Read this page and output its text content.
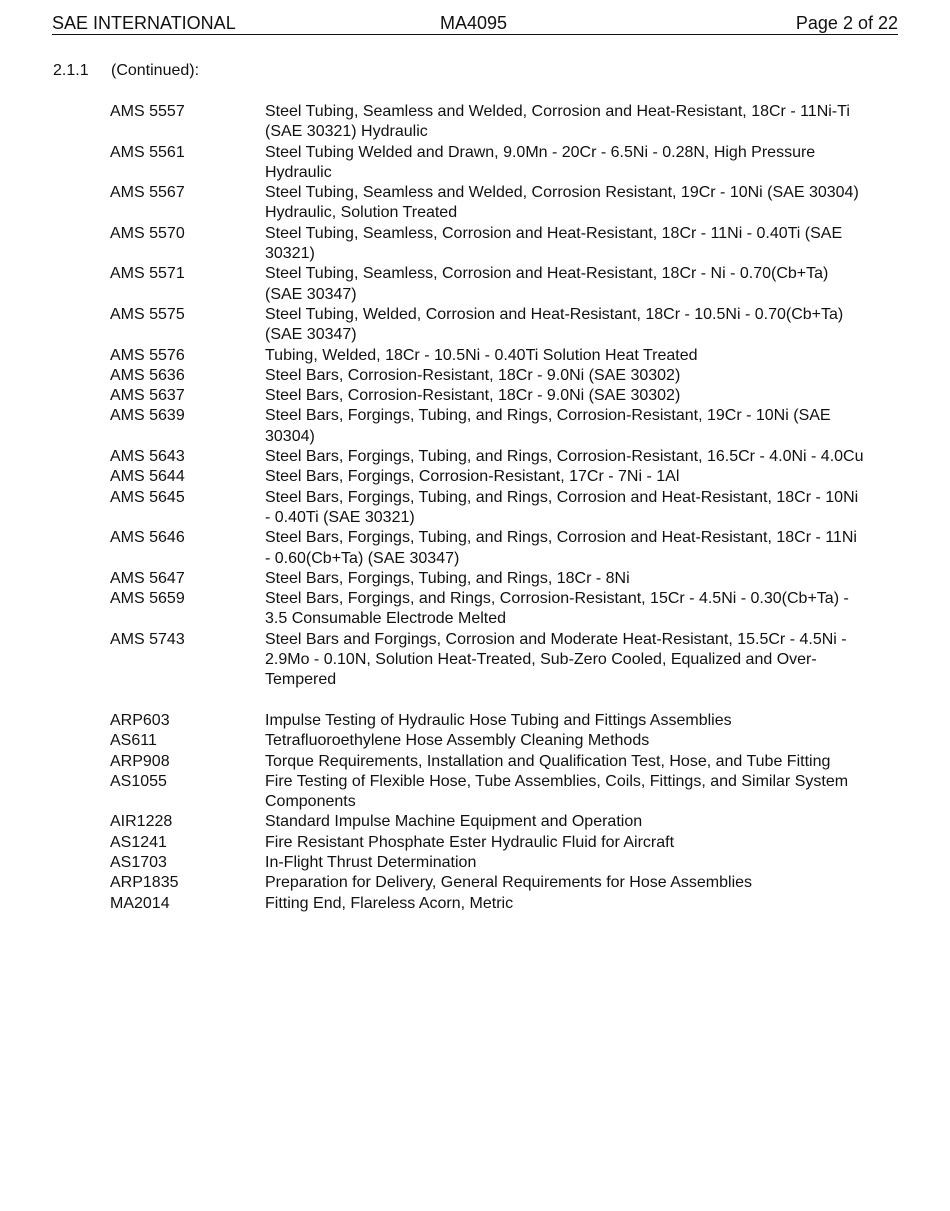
SAE INTERNATIONAL	MA4095	Page 2 of 22
2.1.1 (Continued):
AMS 5557	Steel Tubing, Seamless and Welded, Corrosion and Heat-Resistant, 18Cr - 11Ni-Ti (SAE 30321) Hydraulic
AMS 5561	Steel Tubing Welded and Drawn, 9.0Mn - 20Cr - 6.5Ni - 0.28N, High Pressure Hydraulic
AMS 5567	Steel Tubing, Seamless and Welded, Corrosion Resistant, 19Cr - 10Ni (SAE 30304) Hydraulic, Solution Treated
AMS 5570	Steel Tubing, Seamless, Corrosion and Heat-Resistant, 18Cr - 11Ni - 0.40Ti (SAE 30321)
AMS 5571	Steel Tubing, Seamless, Corrosion and Heat-Resistant, 18Cr - Ni - 0.70(Cb+Ta) (SAE 30347)
AMS 5575	Steel Tubing, Welded, Corrosion and Heat-Resistant, 18Cr - 10.5Ni - 0.70(Cb+Ta) (SAE 30347)
AMS 5576	Tubing, Welded, 18Cr - 10.5Ni - 0.40Ti Solution Heat Treated
AMS 5636	Steel Bars, Corrosion-Resistant, 18Cr - 9.0Ni (SAE 30302)
AMS 5637	Steel Bars, Corrosion-Resistant, 18Cr - 9.0Ni (SAE 30302)
AMS 5639	Steel Bars, Forgings, Tubing, and Rings, Corrosion-Resistant, 19Cr - 10Ni (SAE 30304)
AMS 5643	Steel Bars, Forgings, Tubing, and Rings, Corrosion-Resistant, 16.5Cr - 4.0Ni - 4.0Cu
AMS 5644	Steel Bars, Forgings, Corrosion-Resistant, 17Cr - 7Ni - 1Al
AMS 5645	Steel Bars, Forgings, Tubing, and Rings, Corrosion and Heat-Resistant, 18Cr - 10Ni - 0.40Ti (SAE 30321)
AMS 5646	Steel Bars, Forgings, Tubing, and Rings, Corrosion and Heat-Resistant, 18Cr - 11Ni - 0.60(Cb+Ta) (SAE 30347)
AMS 5647	Steel Bars, Forgings, Tubing, and Rings, 18Cr - 8Ni
AMS 5659	Steel Bars, Forgings, and Rings, Corrosion-Resistant, 15Cr - 4.5Ni - 0.30(Cb+Ta) - 3.5 Consumable Electrode Melted
AMS 5743	Steel Bars and Forgings, Corrosion and Moderate Heat-Resistant, 15.5Cr - 4.5Ni - 2.9Mo - 0.10N, Solution Heat-Treated, Sub-Zero Cooled, Equalized and Over-Tempered
ARP603	Impulse Testing of Hydraulic Hose Tubing and Fittings Assemblies
AS611	Tetrafluoroethylene Hose Assembly Cleaning Methods
ARP908	Torque Requirements, Installation and Qualification Test, Hose, and Tube Fitting
AS1055	Fire Testing of Flexible Hose, Tube Assemblies, Coils, Fittings, and Similar System Components
AIR1228	Standard Impulse Machine Equipment and Operation
AS1241	Fire Resistant Phosphate Ester Hydraulic Fluid for Aircraft
AS1703	In-Flight Thrust Determination
ARP1835	Preparation for Delivery, General Requirements for Hose Assemblies
MA2014	Fitting End, Flareless Acorn, Metric
